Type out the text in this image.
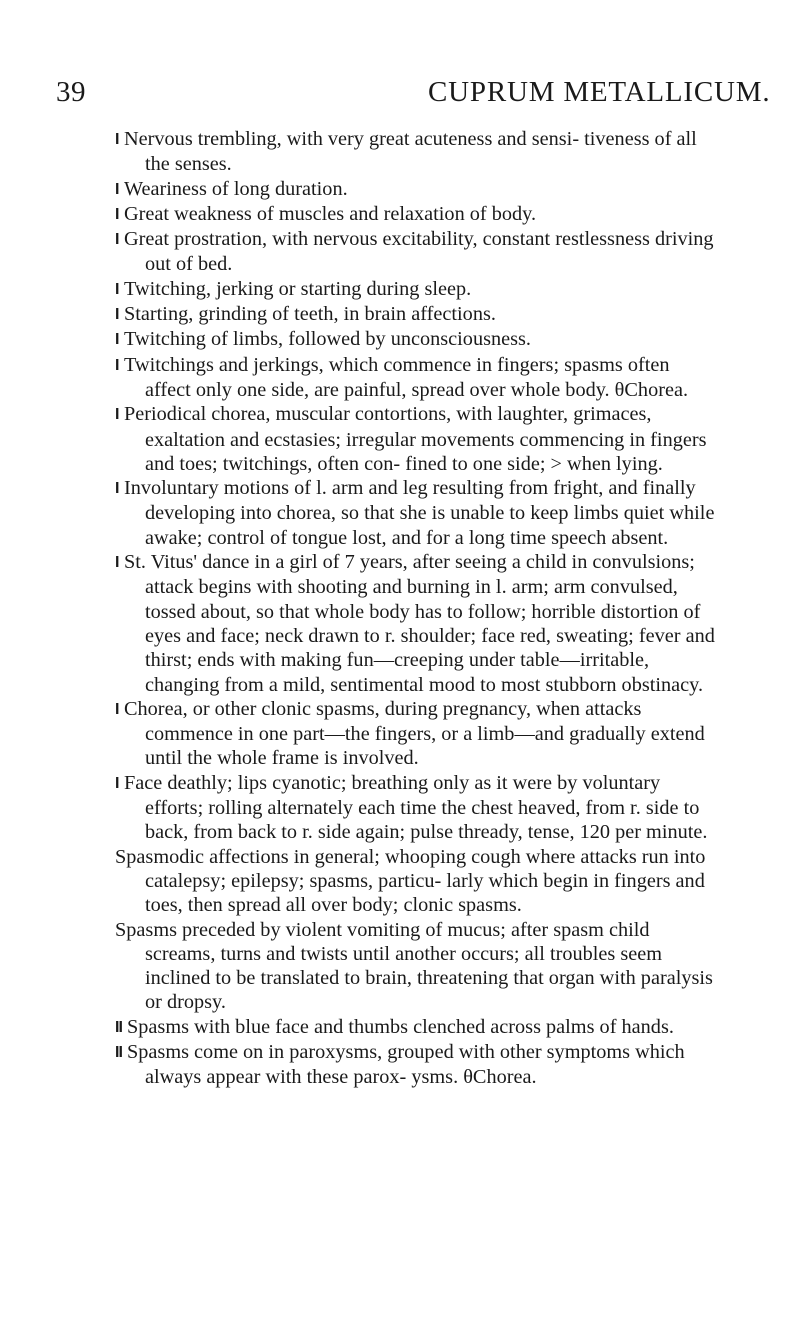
39	CUPRUM METALLICUM.
I Nervous trembling, with very great acuteness and sensi- tiveness of all the senses.
I Weariness of long duration.
I Great weakness of muscles and relaxation of body.
I Great prostration, with nervous excitability, constant restlessness driving out of bed.
I Twitching, jerking or starting during sleep.
I Starting, grinding of teeth, in brain affections.
I Twitching of limbs, followed by unconsciousness.
I Twitchings and jerkings, which commence in fingers; spasms often affect only one side, are painful, spread over whole body. θChorea.
I Periodical chorea, muscular contortions, with laughter, grimaces, exaltation and ecstasies; irregular movements commencing in fingers and toes; twitchings, often con- fined to one side; > when lying.
I Involuntary motions of l. arm and leg resulting from fright, and finally developing into chorea, so that she is unable to keep limbs quiet while awake; control of tongue lost, and for a long time speech absent.
I St. Vitus' dance in a girl of 7 years, after seeing a child in convulsions; attack begins with shooting and burning in l. arm; arm convulsed, tossed about, so that whole body has to follow; horrible distortion of eyes and face; neck drawn to r. shoulder; face red, sweating; fever and thirst; ends with making fun—creeping under table—irritable, changing from a mild, sentimental mood to most stubborn obstinacy.
I Chorea, or other clonic spasms, during pregnancy, when attacks commence in one part—the fingers, or a limb—and gradually extend until the whole frame is involved.
I Face deathly; lips cyanotic; breathing only as it were by voluntary efforts; rolling alternately each time the chest heaved, from r. side to back, from back to r. side again; pulse thready, tense, 120 per minute.
Spasmodic affections in general; whooping cough where attacks run into catalepsy; epilepsy; spasms, particu- larly which begin in fingers and toes, then spread all over body; clonic spasms.
Spasms preceded by violent vomiting of mucus; after spasm child screams, turns and twists until another occurs; all troubles seem inclined to be translated to brain, threatening that organ with paralysis or dropsy.
II Spasms with blue face and thumbs clenched across palms of hands.
II Spasms come on in paroxysms, grouped with other symptoms which always appear with these parox- ysms. θChorea.
